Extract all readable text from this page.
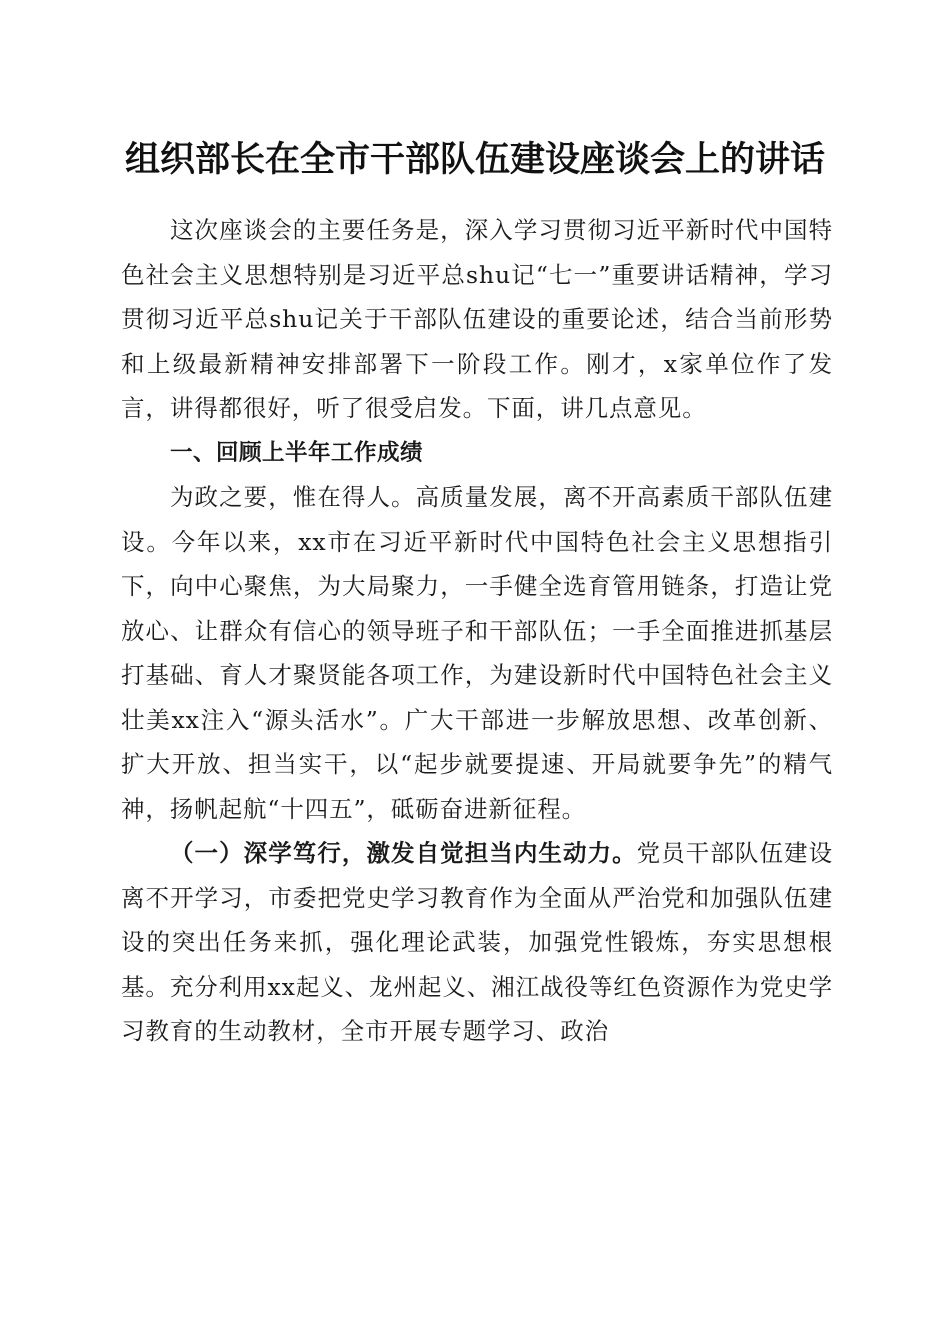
组织部长在全市干部队伍建设座谈会上的讲话

这次座谈会的主要任务是，深入学习贯彻习近平新时代中国特色社会主义思想特别是习近平总shu记“七一”重要讲话精神，学习贯彻习近平总shu记关于干部队伍建设的重要论述，结合当前形势和上级最新精神安排部署下一阶段工作。刚才，x家单位作了发言，讲得都很好，听了很受启发。下面，讲几点意见。

一、回顾上半年工作成绩

为政之要，惟在得人。高质量发展，离不开高素质干部队伍建设。今年以来，xx市在习近平新时代中国特色社会主义思想指引下，向中心聚焦，为大局聚力，一手健全选育管用链条，打造让党放心、让群众有信心的领导班子和干部队伍；一手全面推进抓基层打基础、育人才聚贤能各项工作，为建设新时代中国特色社会主义壮美xx注入“源头活水”。广大干部进一步解放思想、改革创新、扩大开放、担当实干，以“起步就要提速、开局就要争先”的精气神，扬帆起航“十四五”，砥砺奋进新征程。

（一）深学笃行，激发自觉担当内生动力。党员干部队伍建设离不开学习，市委把党史学习教育作为全面从严治党和加强队伍建设的突出任务来抓，强化理论武装，加强党性锻炼，夯实思想根基。充分利用xx起义、龙州起义、湘江战役等红色资源作为党史学习教育的生动教材，全市开展专题学习、政治
